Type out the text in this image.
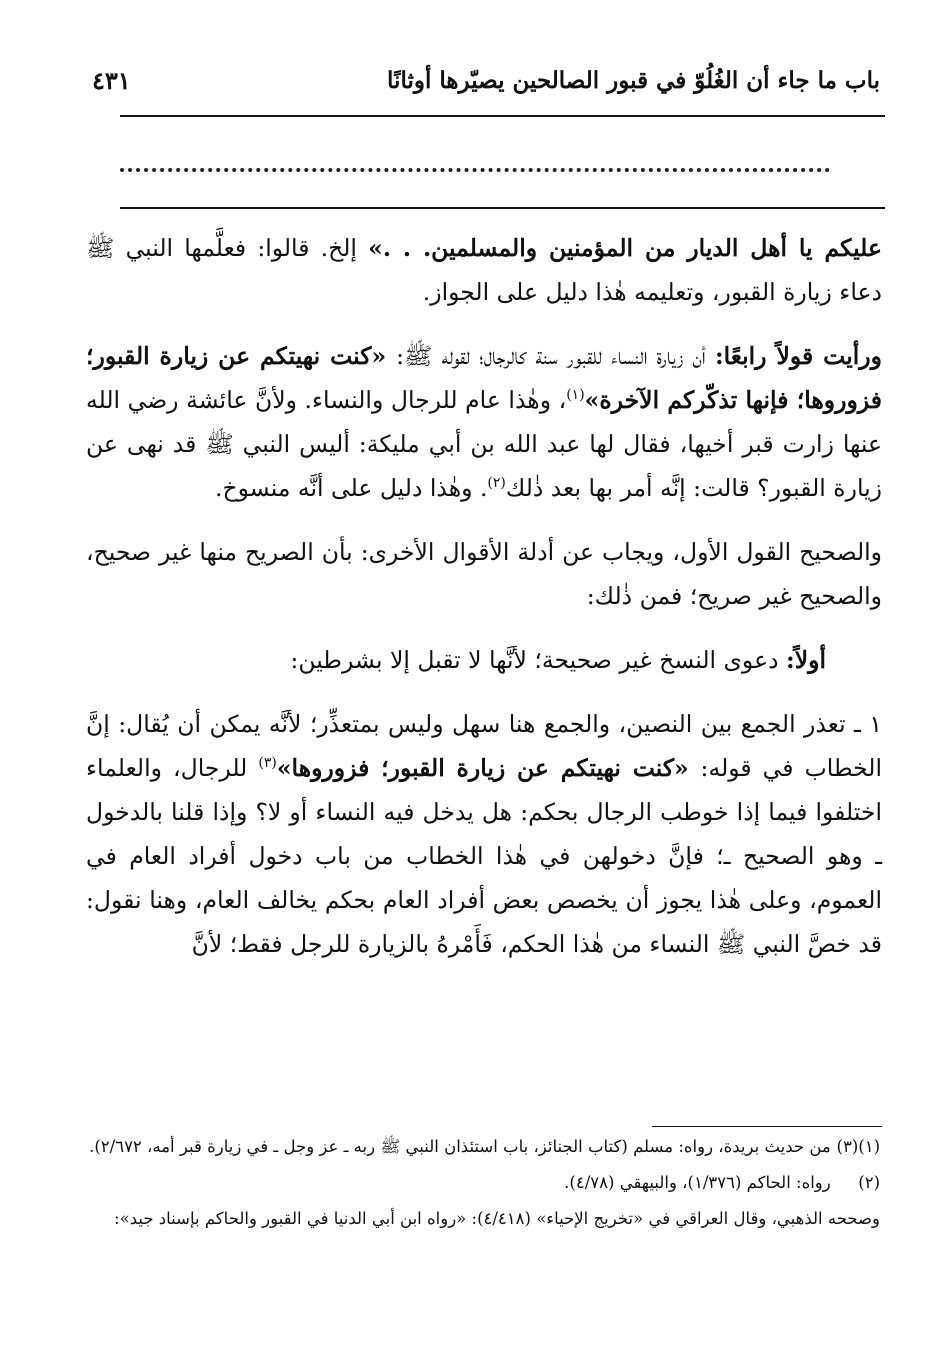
باب ما جاء أن الغُلُوّ في قبور الصالحين يصيّرها أوثانًا
٤٣١

عليكم يا أهل الديار من المؤمنين والمسلمين. . .» إلخ. قالوا: فعلَّمها النبي ﷺ دعاء زيارة القبور، وتعليمه هٰذا دليل على الجواز.

ورأيت قولاً رابعًا: أن زيارة النساء للقبور سنة كالرجال؛ لقوله ﷺ: «كنت نهيتكم عن زيارة القبور؛ فزوروها؛ فإنها تذكّركم الآخرة»$^{(١)}$، وهٰذا عام للرجال والنساء. ولأنَّ عائشة رضي الله عنها زارت قبر أخيها، فقال لها عبد الله بن أبي مليكة: أليس النبي ﷺ قد نهى عن زيارة القبور؟ قالت: إنَّه أمر بها بعد ذٰلك$^{(٢)}$. وهٰذا دليل على أنَّه منسوخ.

والصحيح القول الأول، ويجاب عن أدلة الأقوال الأخرى: بأن الصريح منها غير صحيح، والصحيح غير صريح؛ فمن ذٰلك:

أولاً: دعوى النسخ غير صحيحة؛ لأنَّها لا تقبل إلا بشرطين:

١ ـ تعذر الجمع بين النصين، والجمع هنا سهل وليس بمتعذِّر؛ لأنَّه يمكن أن يُقال: إنَّ الخطاب في قوله: «كنت نهيتكم عن زيارة القبور؛ فزوروها»$^{(٣)}$ للرجال، والعلماء اختلفوا فيما إذا خوطب الرجال بحكم: هل يدخل فيه النساء أو لا؟ وإذا قلنا بالدخول ـ وهو الصحيح ـ؛ فإنَّ دخولهن في هٰذا الخطاب من باب دخول أفراد العام في العموم، وعلى هٰذا يجوز أن يخصص بعض أفراد العام بحكم يخالف العام، وهنا نقول: قد خصَّ النبي ﷺ النساء من هٰذا الحكم، فَأَمْرهُ بالزيارة للرجل فقط؛ لأنَّ

(١)(٣) من حديث بريدة، رواه: مسلم (كتاب الجنائز، باب استئذان النبي ﷺ ربه ـ عز وجل ـ في زيارة قبر أمه، ٢/٦٧٢).

(٢) رواه: الحاكم (١/٣٧٦)، والبيهقي (٤/٧٨).

وصححه الذهبي، وقال العراقي في «تخريج الإحياء» (٤/٤١٨): «رواه ابن أبي الدنيا في القبور والحاكم بإسناد جيد»:
